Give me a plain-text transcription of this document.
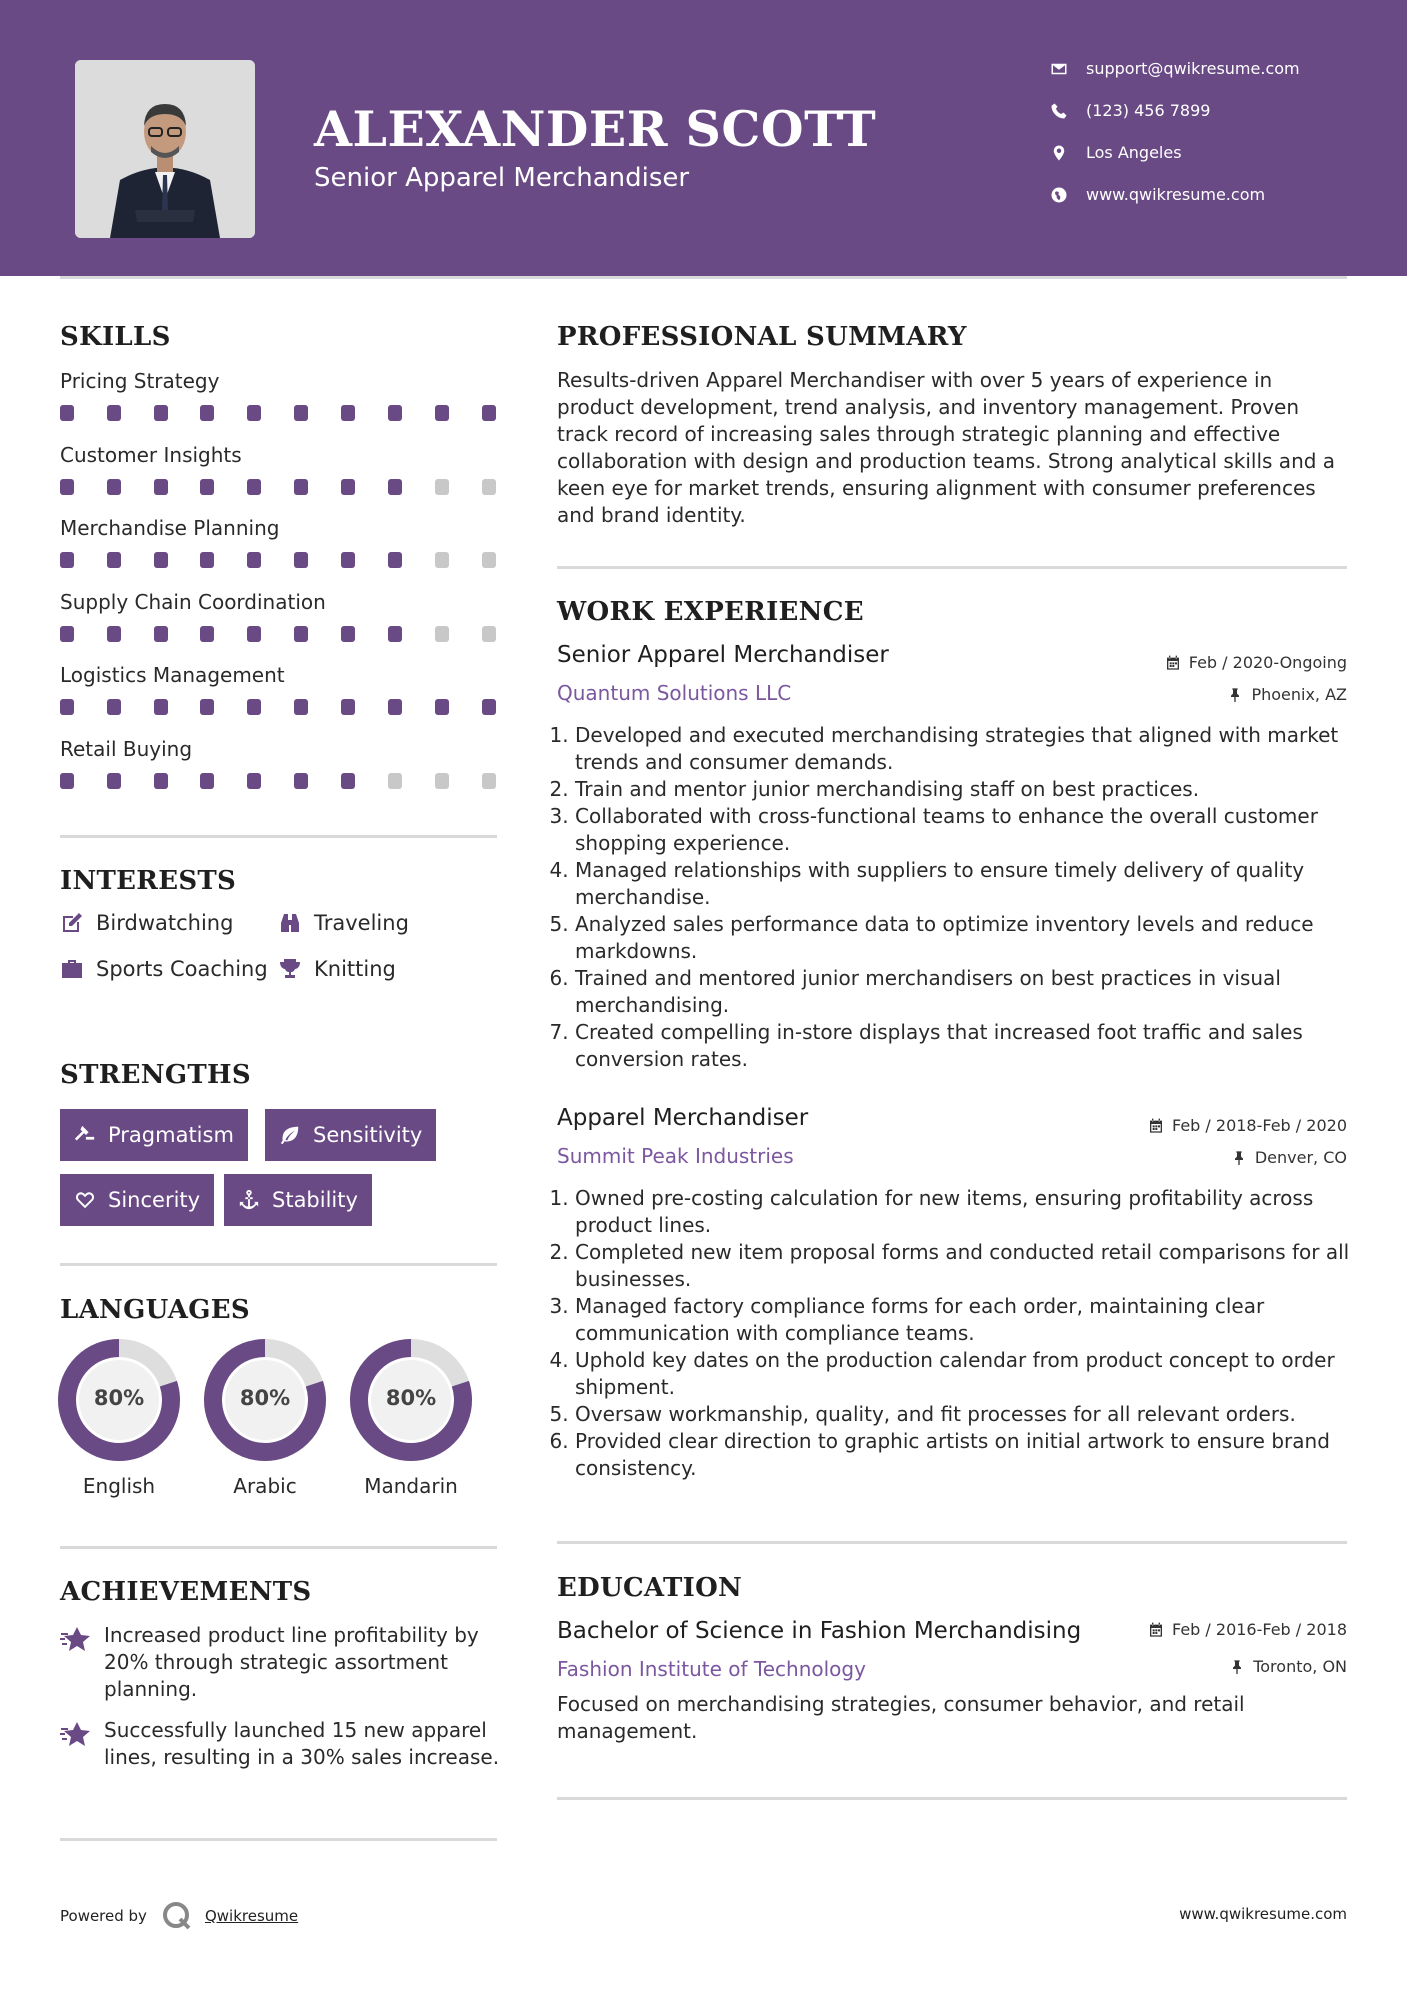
ALEXANDER SCOTT
Senior Apparel Merchandiser
support@qwikresume.com
(123) 456 7899
Los Angeles
www.qwikresume.com
SKILLS
Pricing Strategy
Customer Insights
Merchandise Planning
Supply Chain Coordination
Logistics Management
Retail Buying
INTERESTS
Birdwatching	Traveling
Sports Coaching Knitting
STRENGTHS
Pragmatism	Sensitivity
Sincerity	Stability
LANGUAGES
80%
English
80%
Arabic
80%
Mandarin
ACHIEVEMENTS
Increased product line profitability by 20% through strategic assortment planning.
Successfully launched 15 new apparel lines, resulting in a 30% sales increase.
PROFESSIONAL SUMMARY
Results-driven Apparel Merchandiser with over 5 years of experience in product development, trend analysis, and inventory management. Proven track record of increasing sales through strategic planning and effective collaboration with design and production teams. Strong analytical skills and a keen eye for market trends, ensuring alignment with consumer preferences and brand identity.
WORK EXPERIENCE
Senior Apparel Merchandiser	Feb / 2020-Ongoing
Quantum Solutions LLC	Phoenix, AZ
1. Developed and executed merchandising strategies that aligned with market trends and consumer demands.
2. Train and mentor junior merchandising staff on best practices.
3. Collaborated with cross-functional teams to enhance the overall customer shopping experience.
4. Managed relationships with suppliers to ensure timely delivery of quality merchandise.
5. Analyzed sales performance data to optimize inventory levels and reduce markdowns.
6. Trained and mentored junior merchandisers on best practices in visual merchandising.
7. Created compelling in-store displays that increased foot traffic and sales conversion rates.
Apparel Merchandiser	Feb / 2018-Feb / 2020
Summit Peak Industries	Denver, CO
1. Owned pre-costing calculation for new items, ensuring profitability across product lines.
2. Completed new item proposal forms and conducted retail comparisons for all businesses.
3. Managed factory compliance forms for each order, maintaining clear communication with compliance teams.
4. Uphold key dates on the production calendar from product concept to order shipment.
5. Oversaw workmanship, quality, and fit processes for all relevant orders.
6. Provided clear direction to graphic artists on initial artwork to ensure brand consistency.
EDUCATION
Bachelor of Science in Fashion Merchandising	Feb / 2016-Feb / 2018
Fashion Institute of Technology	Toronto, ON
Focused on merchandising strategies, consumer behavior, and retail management.
Powered by	Qwikresume	www.qwikresume.com
